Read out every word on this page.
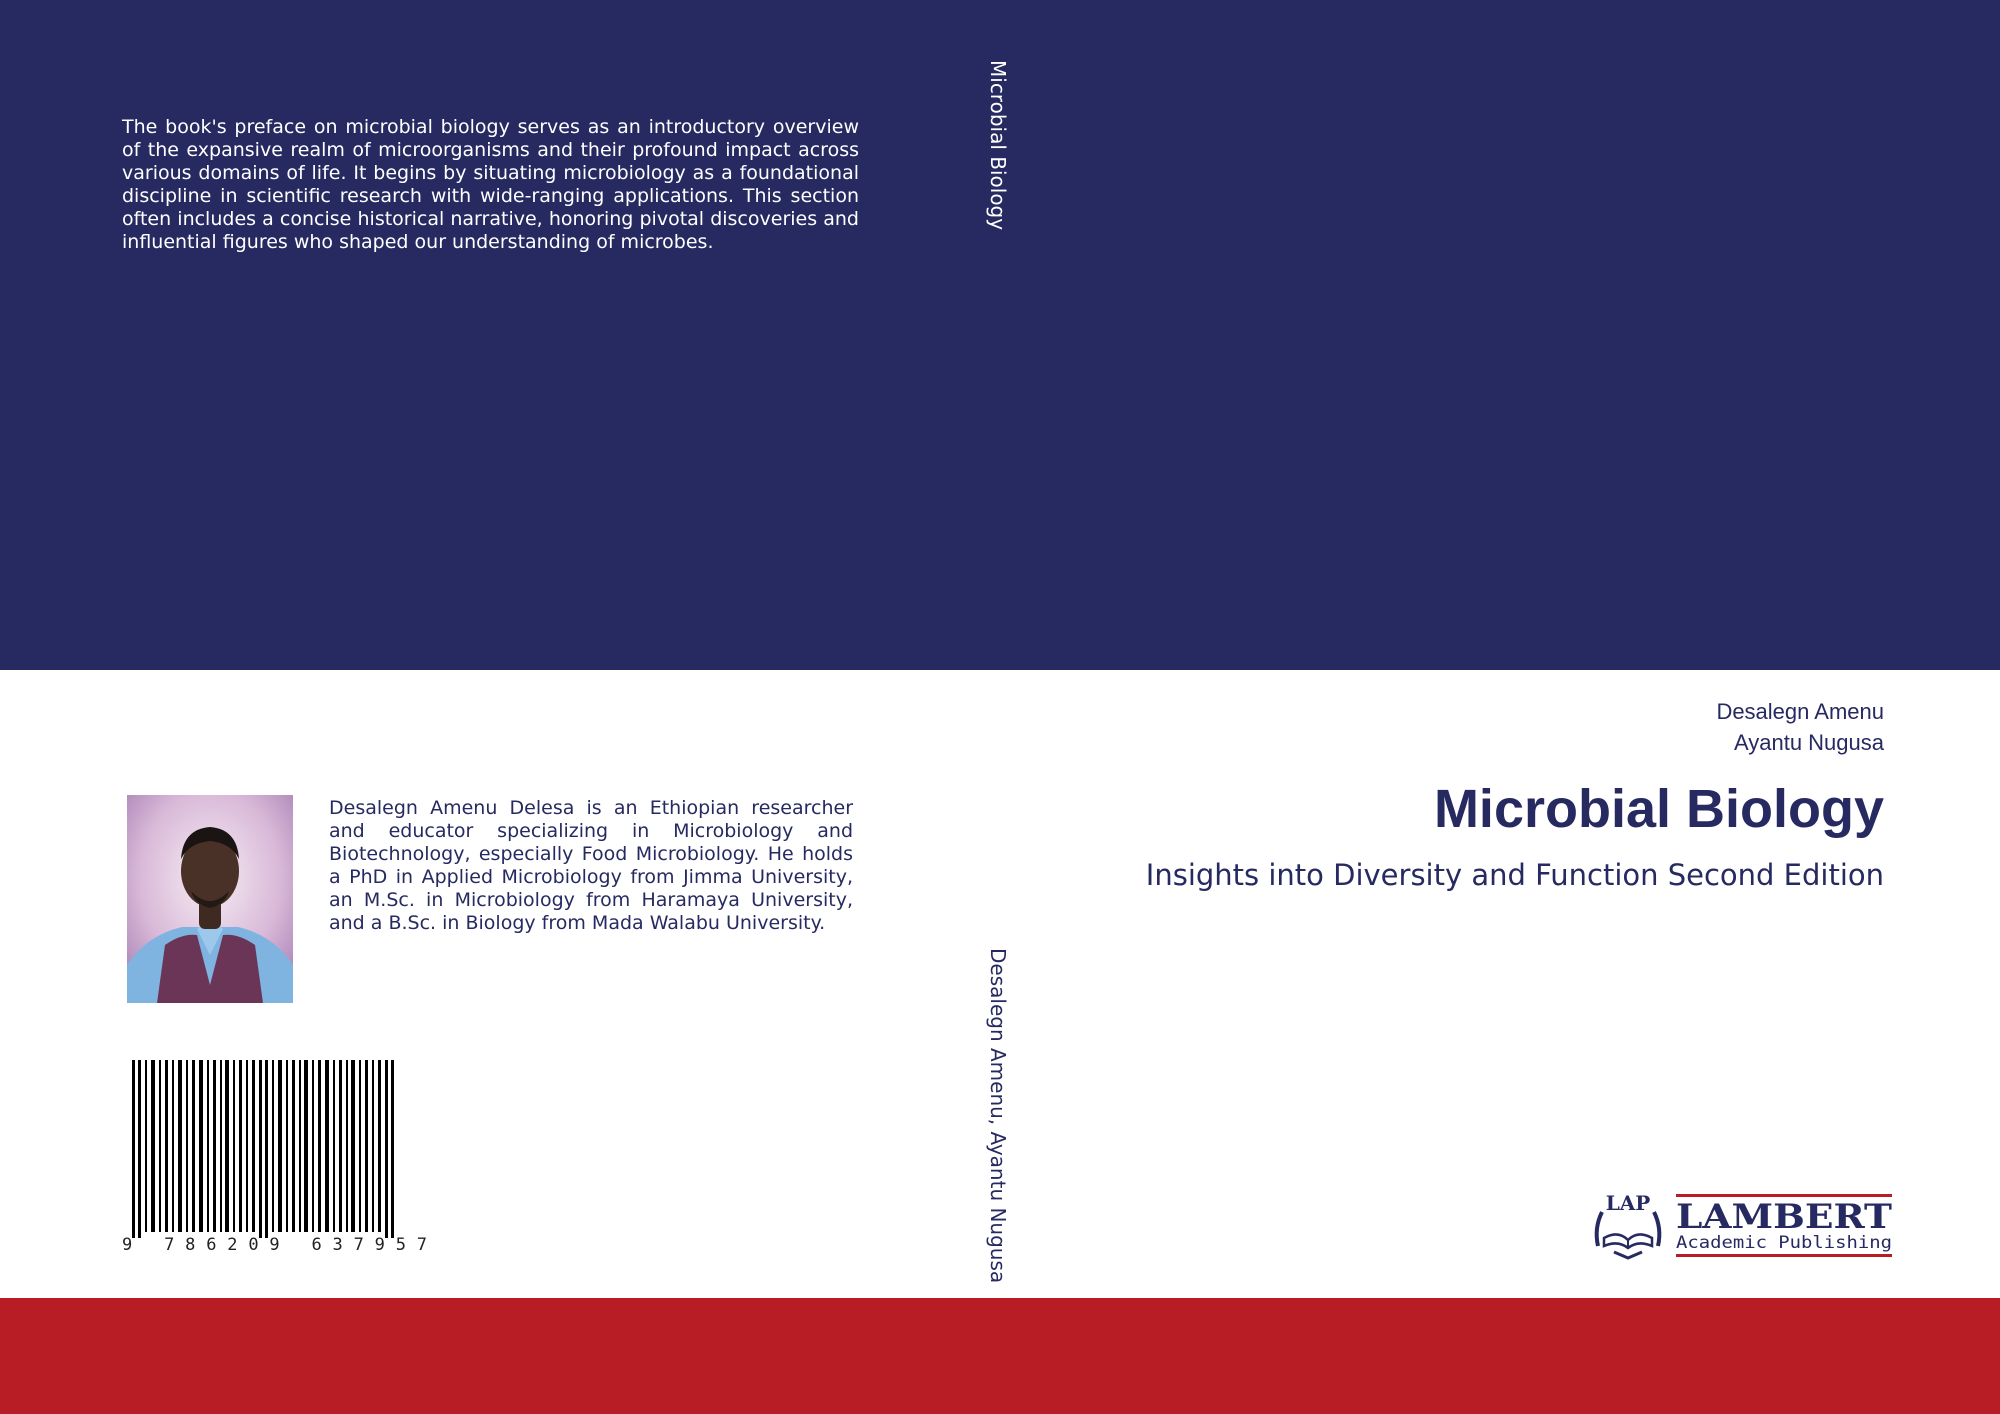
The book's preface on microbial biology serves as an introductory overview of the expansive realm of microorganisms and their profound impact across various domains of life. It begins by situating microbiology as a foundational discipline in scientific research with wide-ranging applications. This section often includes a concise historical narrative, honoring pivotal discoveries and influential figures who shaped our understanding of microbes.

Microbial Biology
Desalegn Amenu, Ayantu Nugusa
Desalegn Amenu
Ayantu Nugusa
Microbial Biology
Insights into Diversity and Function Second Edition

Desalegn Amenu Delesa is an Ethiopian researcher and educator specializing in Microbiology and Biotechnology, especially Food Microbiology. He holds a PhD in Applied Microbiology from Jimma University, an M.Sc. in Microbiology from Haramaya University, and a B.Sc. in Biology from Mada Walabu University.

9 786209 637957
LAP LAMBERT
Academic Publishing
